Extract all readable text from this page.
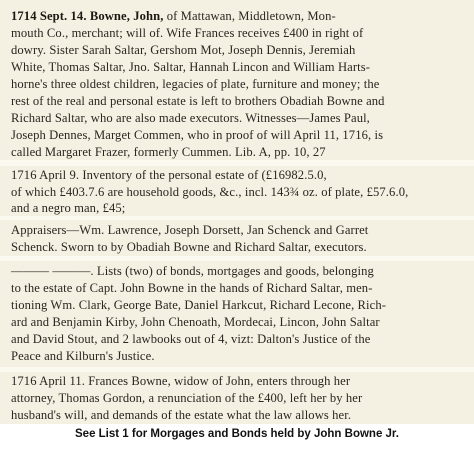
1714 Sept. 14. Bowne, John, of Mattawan, Middletown, Mon-
mouth Co., merchant; will of. Wife Frances receives £400 in right of
dowry. Sister Sarah Saltar, Gershom Mot, Joseph Dennis, Jeremiah
White, Thomas Saltar, Jno. Saltar, Hannah Lincon and William Harts-
horne's three oldest children, legacies of plate, furniture and money; the
rest of the real and personal estate is left to brothers Obadiah Bowne and
Richard Saltar, who are also made executors. Witnesses—James Paul,
Joseph Dennes, Marget Commen, who in proof of will April 11, 1716, is
called Margaret Frazer, formerly Cummen. Lib. A, pp. 10, 27
1716 April 9. Inventory of the personal estate of (£16982.5.0,
of which £403.7.6 are household goods, &c., incl. 143¾ oz. of plate, £57.6.0,
and a negro man, £45;
Appraisers—Wm. Lawrence, Joseph Dorsett, Jan Schenck and Garret
Schenck. Sworn to by Obadiah Bowne and Richard Saltar, executors.
——— ———. Lists (two) of bonds, mortgages and goods, belonging
to the estate of Capt. John Bowne in the hands of Richard Saltar, men-
tioning Wm. Clark, George Bate, Daniel Harkcut, Richard Lecone, Rich-
ard and Benjamin Kirby, John Chenoath, Mordecai, Lincon, John Saltar
and David Stout, and 2 lawbooks out of 4, vizt: Dalton's Justice of the
Peace and Kilburn's Justice.
1716 April 11. Frances Bowne, widow of John, enters through her
attorney, Thomas Gordon, a renunciation of the £400, left her by her
husband's will, and demands of the estate what the law allows her.
See List 1 for Morgages and Bonds held by John Bowne Jr.
